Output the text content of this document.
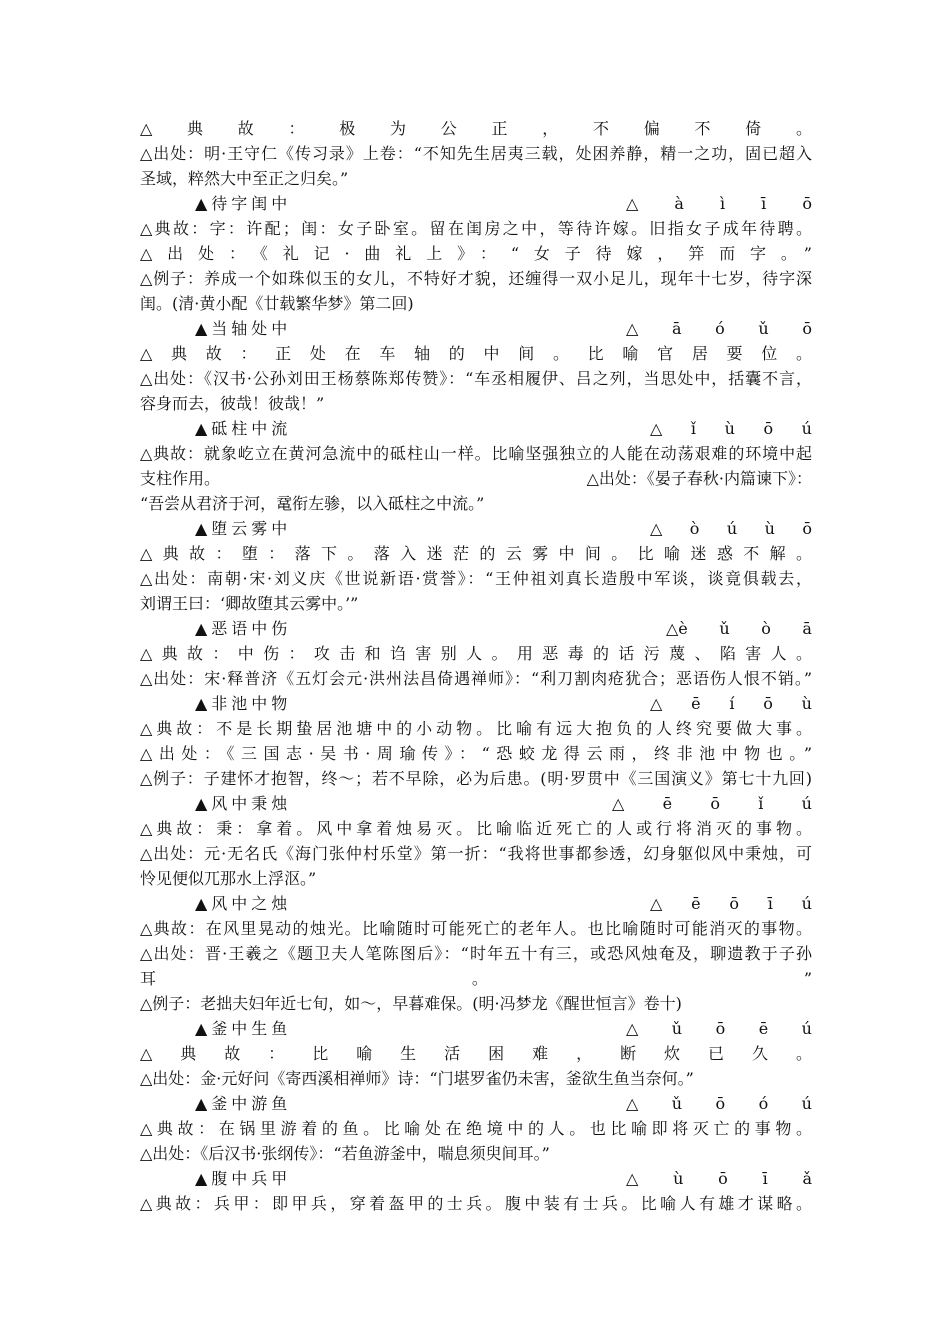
△典故：极为公正，不偏不倚。
△出处：明·王守仁《传习录》上卷：“不知先生居夷三载，处困养静，精一之功，固已超入
圣域，粹然大中至正之归矣。”
▲待字闺中	△ à ì ī ō
△典故：字：许配；闺：女子卧室。留在闺房之中，等待许嫁。旧指女子成年待聘。
△出处：《礼记·曲礼上》：“女子待嫁，笄而字。”
△例子：养成一个如珠似玉的女儿，不特好才貌，还缠得一双小足儿，现年十七岁，待字深
闺。(清·黄小配《廿载繁华梦》第二回)
▲当轴处中	△ ā ó ǔ ō
△典故：正处在车轴的中间。比喻官居要位。
△出处：《汉书·公孙刘田王杨蔡陈郑传赞》：“车丞相履伊、吕之列，当思处中，括囊不言，
容身而去，彼哉！彼哉！”
▲砥柱中流	△ ǐ ù ō ú
△典故：就象屹立在黄河急流中的砥柱山一样。比喻坚强独立的人能在动荡艰难的环境中起
支柱作用。	△出处：《晏子春秋·内篇谏下》：
“吾尝从君济于河，鼋衔左骖，以入砥柱之中流。”
▲堕云雾中	△ ò ú ù ō
△典故：堕：落下。落入迷茫的云雾中间。比喻迷惑不解。
△出处：南朝·宋·刘义庆《世说新语·赏誉》：“王仲祖刘真长造殷中军谈，谈竟俱载去，
刘谓王曰：‘卿故堕其云雾中。’”
▲恶语中伤	△è ǔ ò ā
△典故：中伤：攻击和诌害别人。用恶毒的话污蔑、陷害人。
△出处：宋·释普济《五灯会元·洪州法昌倚遇禅师》：“利刀割肉疮犹合；恶语伤人恨不销。”
▲非池中物	△ ē í ō ù
△典故：不是长期蛰居池塘中的小动物。比喻有远大抱负的人终究要做大事。
△出处：《三国志·吴书·周瑜传》：“恐蛟龙得云雨，终非池中物也。”
△例子：子建怀才抱智，终～；若不早除，必为后患。(明·罗贯中《三国演义》第七十九回)
▲风中秉烛	△ ē ō ǐ ú
△典故：秉：拿着。风中拿着烛易灭。比喻临近死亡的人或行将消灭的事物。
△出处：元·无名氏《海门张仲村乐堂》第一折：“我将世事都参透，幻身躯似风中秉烛，可
怜见便似兀那水上浮沤。”
▲风中之烛	△ ē ō ī ú
△典故：在风里晃动的烛光。比喻随时可能死亡的老年人。也比喻随时可能消灭的事物。
△出处：晋·王羲之《题卫夫人笔陈图后》：“时年五十有三，或恐风烛奄及，聊遗教于子孙
耳	。	”
△例子：老拙夫妇年近七旬，如～，早暮难保。(明·冯梦龙《醒世恒言》卷十)
▲釜中生鱼	△ ǔ ō ē ú
△典故：比喻生活困难，断炊已久。
△出处：金·元好问《寄西溪相禅师》诗：“门堪罗雀仍未害，釜欲生鱼当奈何。”
▲釜中游鱼	△ ǔ ō ó ú
△典故：在锅里游着的鱼。比喻处在绝境中的人。也比喻即将灭亡的事物。
△出处：《后汉书·张纲传》：“若鱼游釜中，喘息须臾间耳。”
▲腹中兵甲	△ ù ō ī ǎ
△典故：兵甲：即甲兵，穿着盔甲的士兵。腹中装有士兵。比喻人有雄才谋略。
